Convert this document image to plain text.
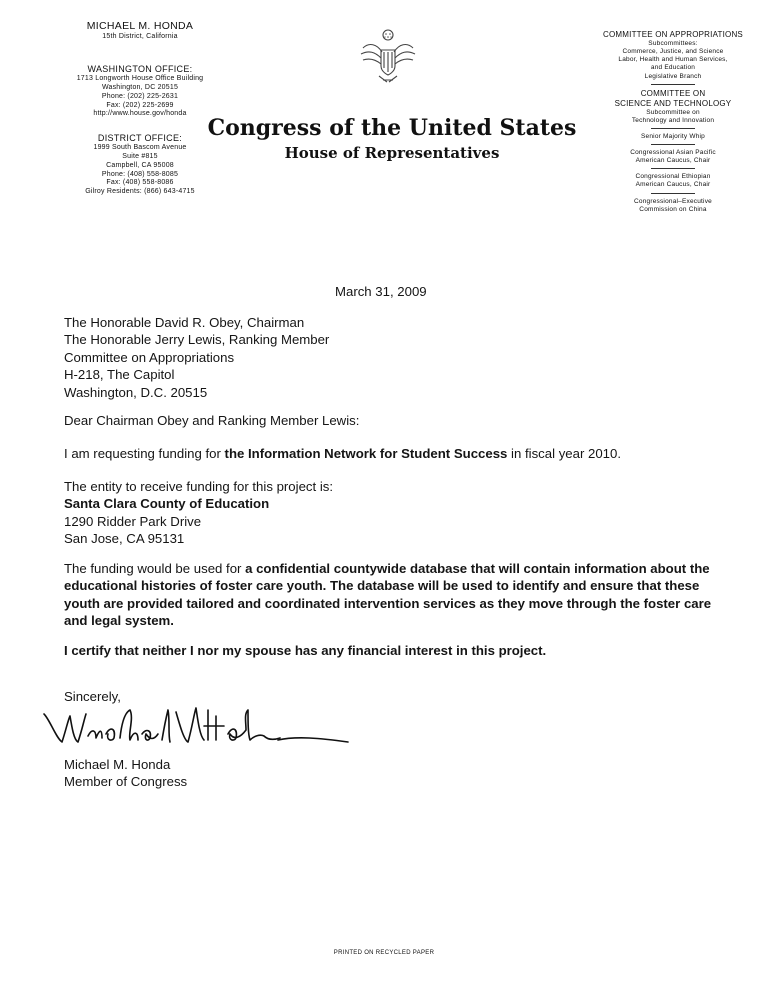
MICHAEL M. HONDA
15th District, California
WASHINGTON OFFICE:
1713 Longworth House Office Building
Washington, DC 20515
Phone: (202) 225-2631
Fax: (202) 225-2699
http://www.house.gov/honda
DISTRICT OFFICE:
1999 South Bascom Avenue
Suite #815
Campbell, CA 95008
Phone: (408) 558-8085
Fax: (408) 558-8086
Gilroy Residents: (866) 643-4715
Congress of the United States
House of Representatives
COMMITTEE ON APPROPRIATIONS
Subcommittees:
Commerce, Justice, and Science
Labor, Health and Human Services,
and Education
Legislative Branch
COMMITTEE ON
SCIENCE AND TECHNOLOGY
Subcommittee on
Technology and Innovation
Senior Majority Whip
Congressional Asian Pacific
American Caucus, Chair
Congressional Ethiopian
American Caucus, Chair
Congressional–Executive
Commission on China
March 31, 2009
The Honorable David R. Obey, Chairman
The Honorable Jerry Lewis, Ranking Member
Committee on Appropriations
H-218, The Capitol
Washington, D.C. 20515
Dear Chairman Obey and Ranking Member Lewis:
I am requesting funding for the Information Network for Student Success in fiscal year 2010.
The entity to receive funding for this project is:
Santa Clara County of Education
1290 Ridder Park Drive
San Jose, CA 95131
The funding would be used for a confidential countywide database that will contain information about the educational histories of foster care youth. The database will be used to identify and ensure that these youth are provided tailored and coordinated intervention services as they move through the foster care and legal system.
I certify that neither I nor my spouse has any financial interest in this project.
Sincerely,
Michael M. Honda
Member of Congress
PRINTED ON RECYCLED PAPER
